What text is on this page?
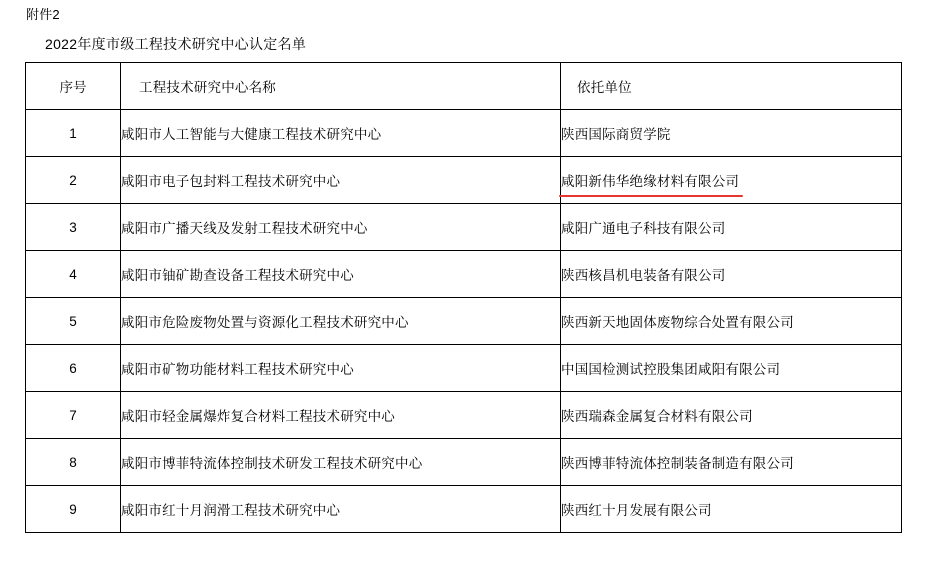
附件2
2022年度市级工程技术研究中心认定名单
序号	工程技术研究中心名称	依托单位
1	咸阳市人工智能与大健康工程技术研究中心	陕西国际商贸学院
2	咸阳市电子包封料工程技术研究中心	咸阳新伟华绝缘材料有限公司

3	咸阳市广播天线及发射工程技术研究中心	咸阳广通电子科技有限公司
4	咸阳市铀矿勘查设备工程技术研究中心	陕西核昌机电装备有限公司
5	咸阳市危险废物处置与资源化工程技术研究中心	陕西新天地固体废物综合处置有限公司
6	咸阳市矿物功能材料工程技术研究中心	中国国检测试控股集团咸阳有限公司
7	咸阳市轻金属爆炸复合材料工程技术研究中心	陕西瑞森金属复合材料有限公司
8	咸阳市博菲特流体控制技术研发工程技术研究中心	陕西博菲特流体控制装备制造有限公司
9	咸阳市红十月润滑工程技术研究中心	陕西红十月发展有限公司
